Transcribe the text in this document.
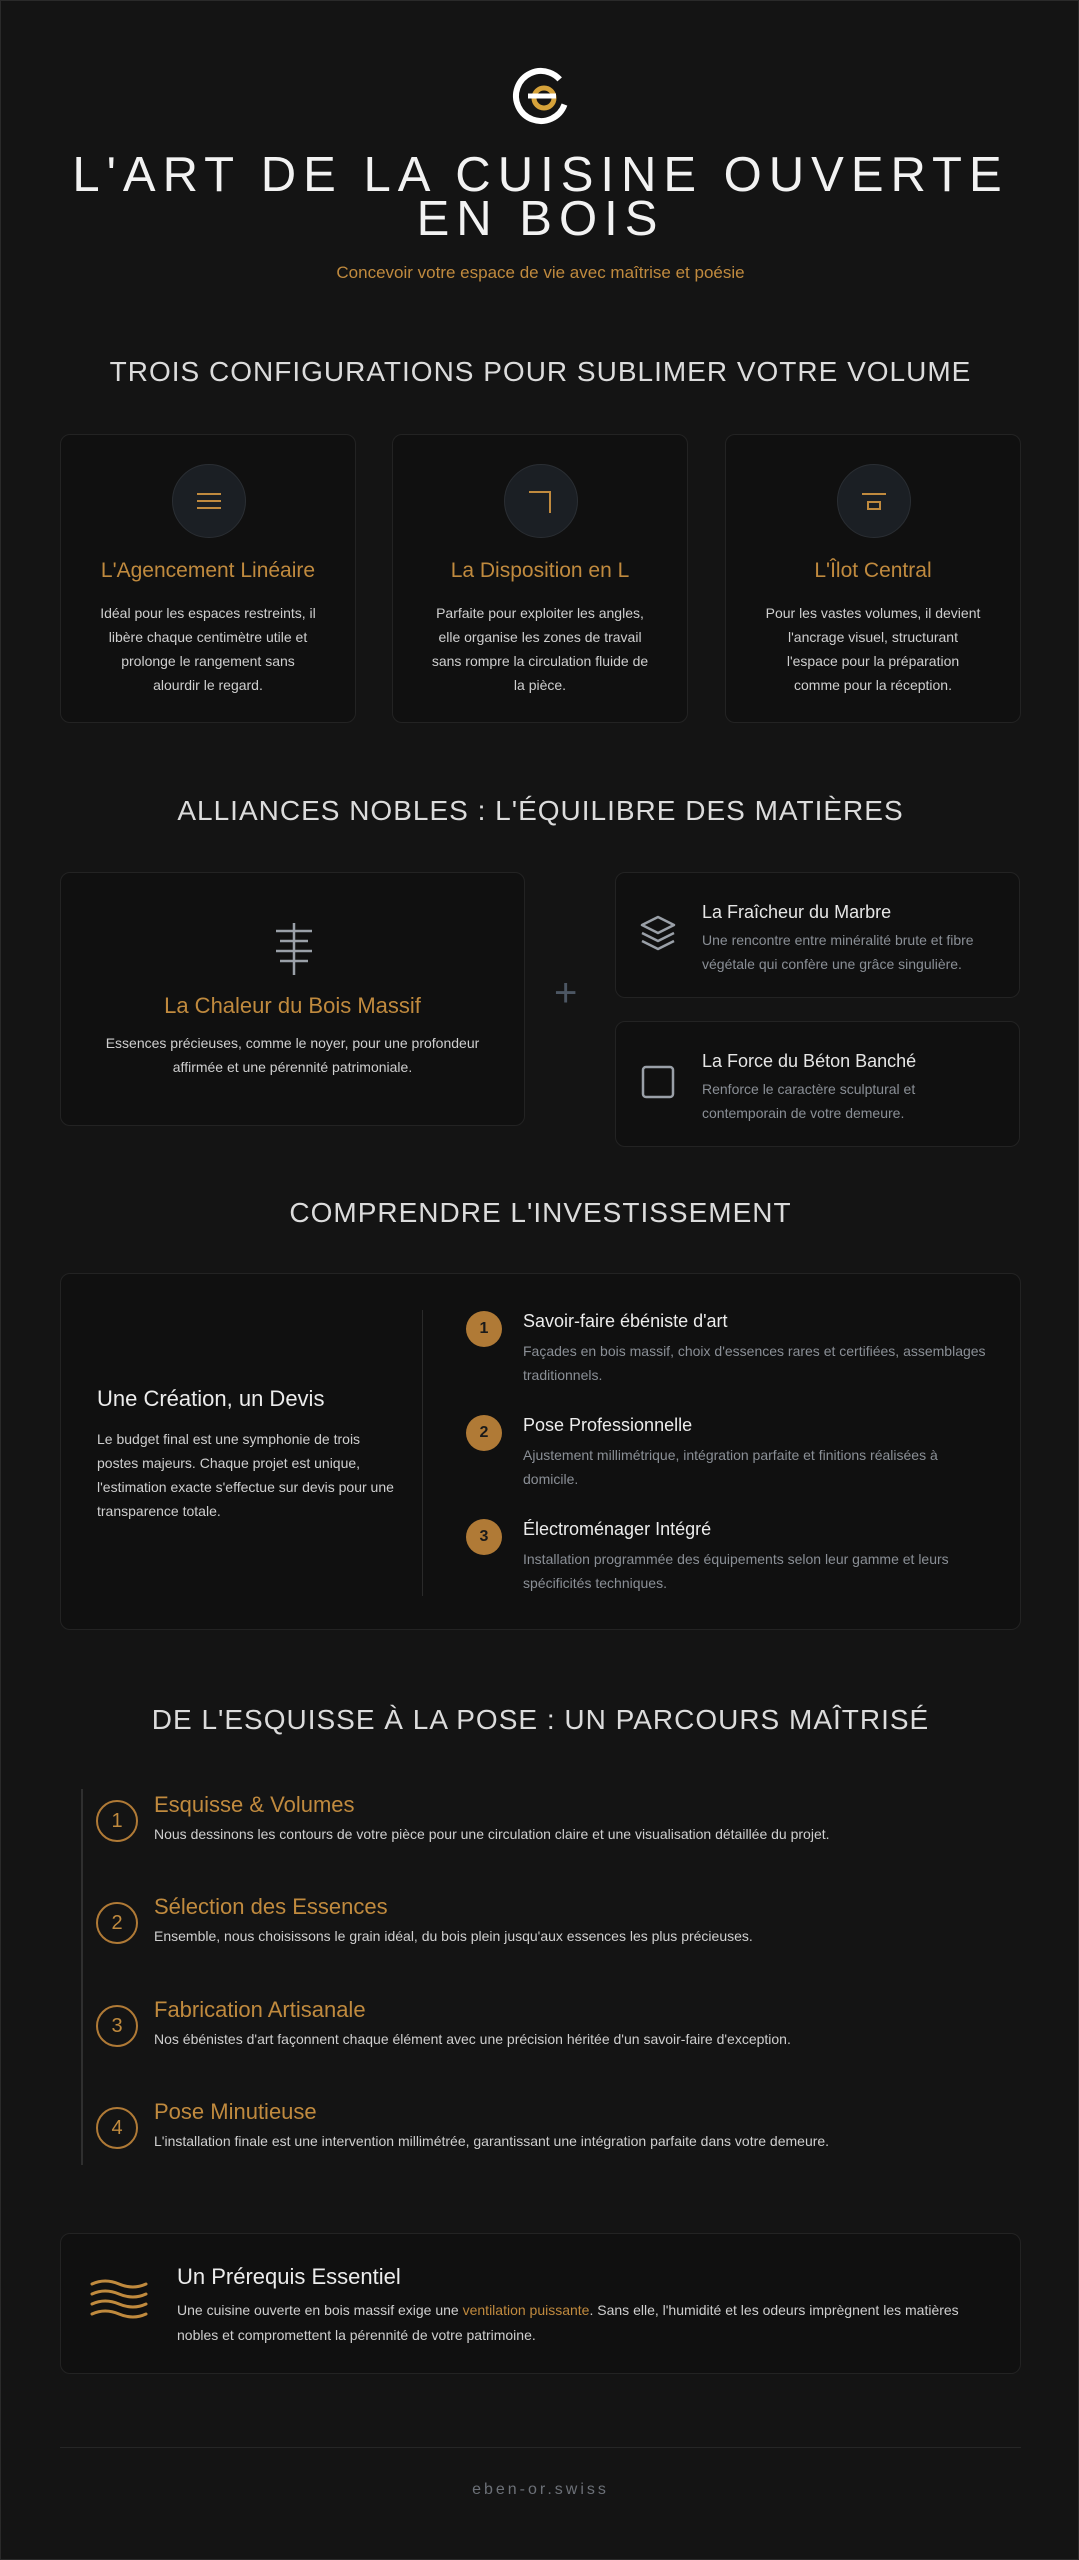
L'ART DE LA CUISINE OUVERTE
EN BOIS
Concevoir votre espace de vie avec maîtrise et poésie
TROIS CONFIGURATIONS POUR SUBLIMER VOTRE VOLUME
L'Agencement Linéaire

Idéal pour les espaces restreints, il libère chaque centimètre utile et prolonge le rangement sans alourdir le regard.

La Disposition en L

Parfaite pour exploiter les angles, elle organise les zones de travail sans rompre la circulation fluide de la pièce.

L'Îlot Central

Pour les vastes volumes, il devient l'ancrage visuel, structurant l'espace pour la préparation comme pour la réception.

ALLIANCES NOBLES : L'ÉQUILIBRE DES MATIÈRES
La Chaleur du Bois Massif

Essences précieuses, comme le noyer, pour une profondeur affirmée et une pérennité patrimoniale.

+
La Fraîcheur du Marbre

Une rencontre entre minéralité brute et fibre végétale qui confère une grâce singulière.

La Force du Béton Banché

Renforce le caractère sculptural et contemporain de votre demeure.

COMPRENDRE L'INVESTISSEMENT
Une Création, un Devis

Le budget final est une symphonie de trois postes majeurs. Chaque projet est unique, l'estimation exacte s'effectue sur devis pour une transparence totale.

1	Savoir-faire ébéniste d'art

Façades en bois massif, choix d'essences rares et certifiées, assemblages traditionnels.

2	Pose Professionnelle

Ajustement millimétrique, intégration parfaite et finitions réalisées à domicile.

3	Électroménager Intégré

Installation programmée des équipements selon leur gamme et leurs spécificités techniques.

DE L'ESQUISSE À LA POSE : UN PARCOURS MAÎTRISÉ
1
Esquisse & Volumes

Nous dessinons les contours de votre pièce pour une circulation claire et une visualisation détaillée du projet.

2
Sélection des Essences

Ensemble, nous choisissons le grain idéal, du bois plein jusqu'aux essences les plus précieuses.

3
Fabrication Artisanale

Nos ébénistes d'art façonnent chaque élément avec une précision héritée d'un savoir-faire d'exception.

4
Pose Minutieuse

L'installation finale est une intervention millimétrée, garantissant une intégration parfaite dans votre demeure.

Un Prérequis Essentiel

Une cuisine ouverte en bois massif exige une ventilation puissante. Sans elle, l'humidité et les odeurs imprègnent les matières nobles et compromettent la pérennité de votre patrimoine.

eben-or.swiss
